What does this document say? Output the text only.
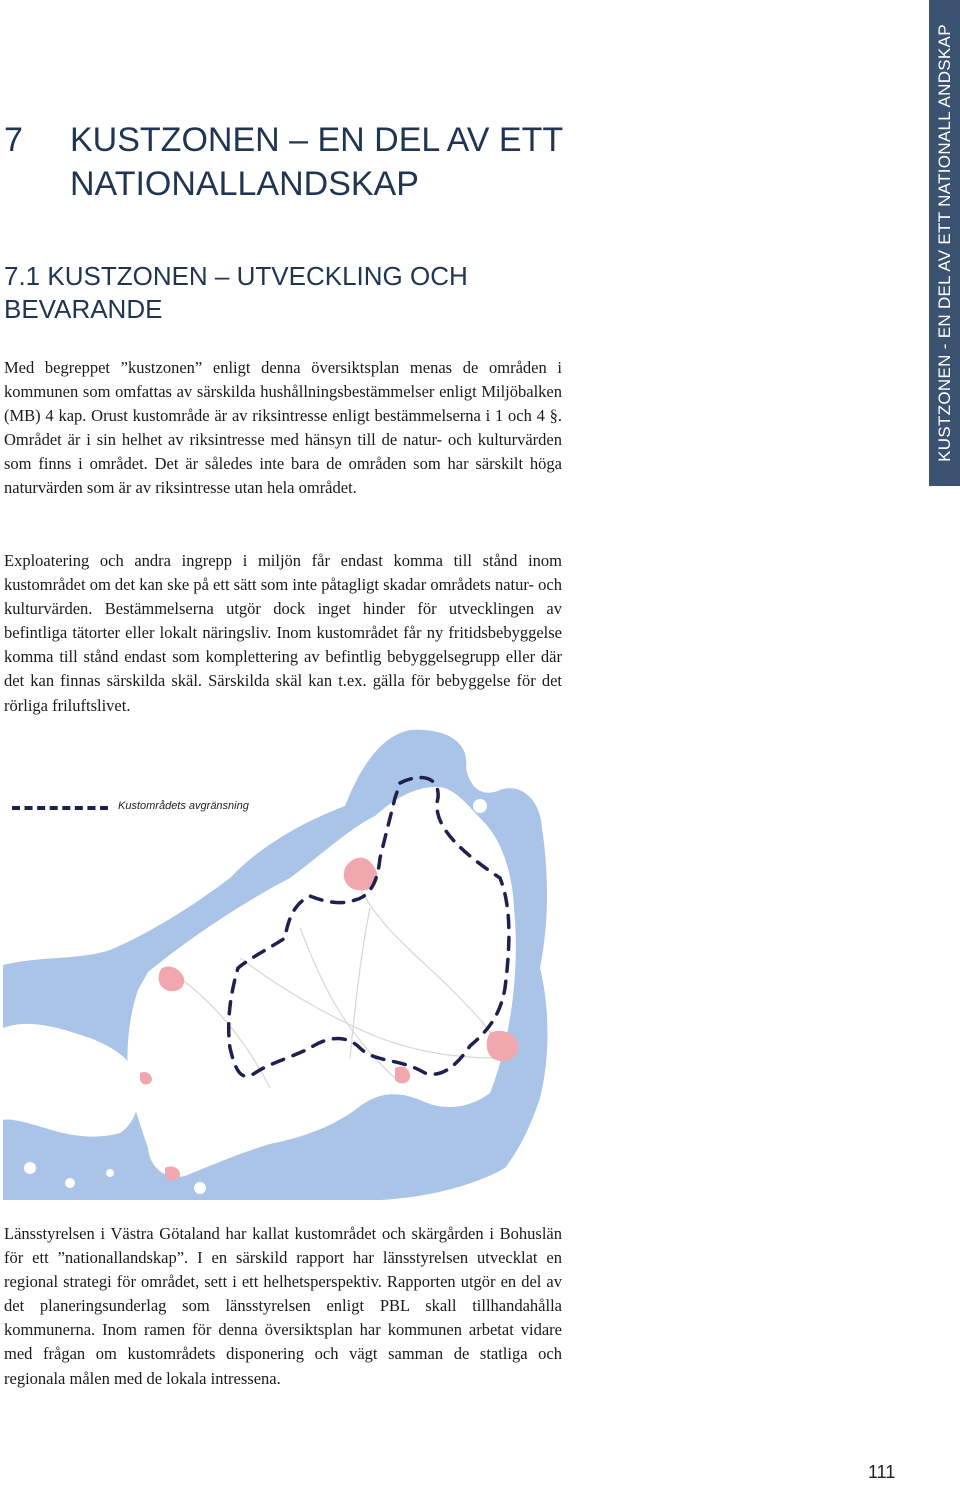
7 KUSTZONEN – EN DEL AV ETT NATIONALLANDSKAP
7.1 KUSTZONEN – UTVECKLING OCH BEVARANDE

Med begreppet ”kustzonen” enligt denna översiktsplan menas de områden i kommunen som omfattas av särskilda hushållningsbestämmelser enligt Miljöbalken (MB) 4 kap. Orust kustområde är av riksintresse enligt bestämmelserna i 1 och 4 §. Området är i sin helhet av riksintresse med hänsyn till de natur- och kulturvärden som finns i området. Det är således inte bara de områden som har särskilt höga naturvärden som är av riksintresse utan hela området.

Exploatering och andra ingrepp i miljön får endast komma till stånd inom kustområdet om det kan ske på ett sätt som inte påtagligt skadar områdets natur- och kulturvärden. Bestämmelserna utgör dock inget hinder för utvecklingen av befintliga tätorter eller lokalt näringsliv. Inom kustområdet får ny fritidsbebyggelse komma till stånd endast som komplettering av befintlig bebyggelsegrupp eller där det kan finnas särskilda skäl. Särskilda skäl kan t.ex. gälla för bebyggelse för det rörliga friluftslivet.

Kustområdets avgränsning

Länsstyrelsen i Västra Götaland har kallat kustområdet och skärgården i Bohuslän för ett ”nationallandskap”. I en särskild rapport har länsstyrelsen utvecklat en regional strategi för området, sett i ett helhetsperspektiv. Rapporten utgör en del av det planeringsunderlag som länsstyrelsen enligt PBL skall tillhandahålla kommunerna. Inom ramen för denna översiktsplan har kommunen arbetat vidare med frågan om kustområdets disponering och vägt samman de statliga och regionala målen med de lokala intressena.

KUSTZONEN - EN DEL AV ETT NATIONALL ANDSKAP
111
